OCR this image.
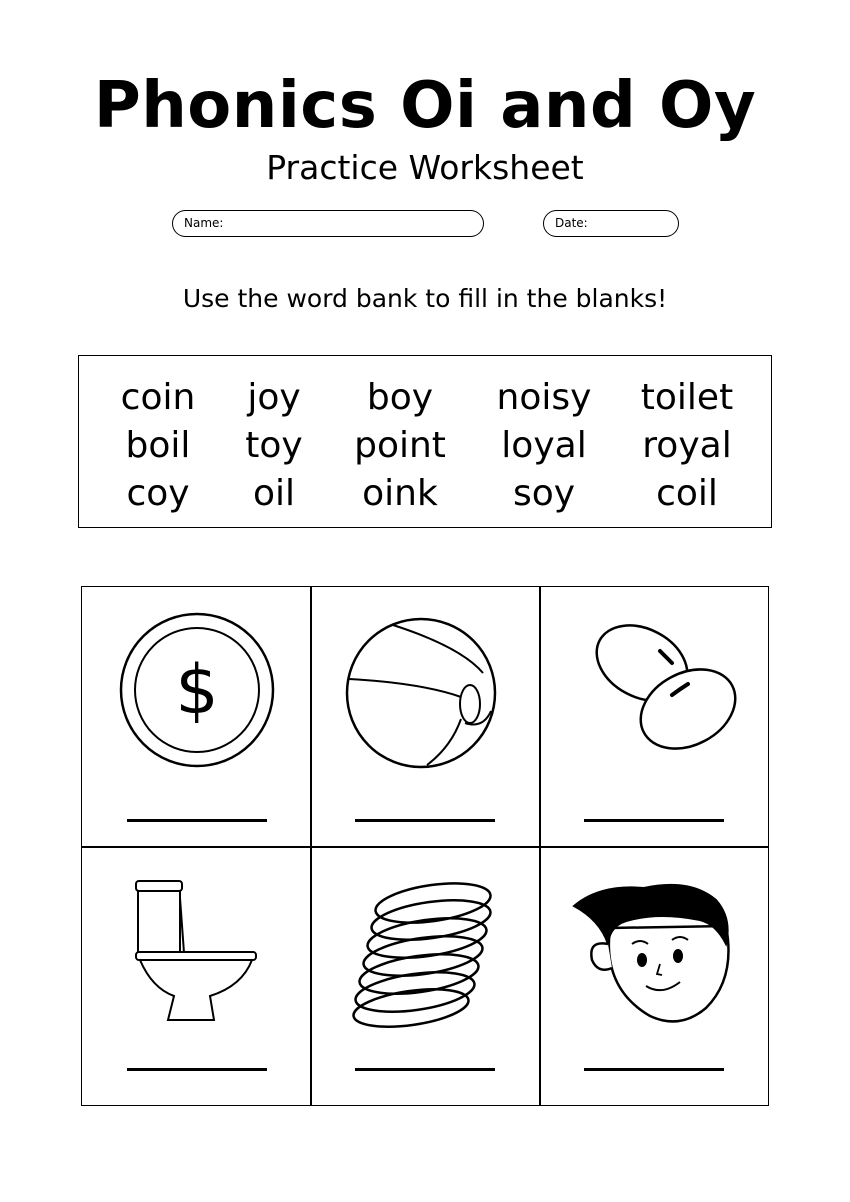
Phonics Oi and Oy
Practice Worksheet
Name:	Date:
Use the word bank to fill in the blanks!
coin	joy	boy	noisy	toilet
boil	toy	point	loyal	royal
coy	oil	oink	soy	coil
$
